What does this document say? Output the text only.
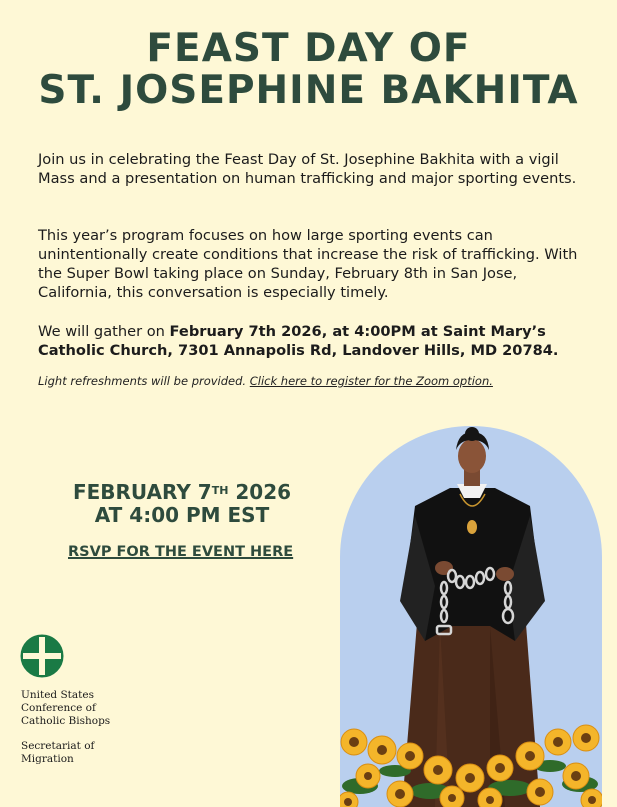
FEAST DAY OF
ST. JOSEPHINE BAKHITA
Join us in celebrating the Feast Day of St. Josephine Bakhita with a vigil Mass and a presentation on human trafficking and major sporting events.
This year’s program focuses on how large sporting events can unintentionally create conditions that increase the risk of trafficking. With the Super Bowl taking place on Sunday, February 8th in San Jose, California, this conversation is especially timely.
We will gather on February 7th 2026, at 4:00PM at Saint Mary’s Catholic Church, 7301 Annapolis Rd, Landover Hills, MD 20784.
Light refreshments will be provided. Click here to register for the Zoom option.
FEBRUARY 7TH 2026
AT 4:00 PM EST
RSVP FOR THE EVENT HERE
United States
Conference of
Catholic Bishops
Secretariat of
Migration
